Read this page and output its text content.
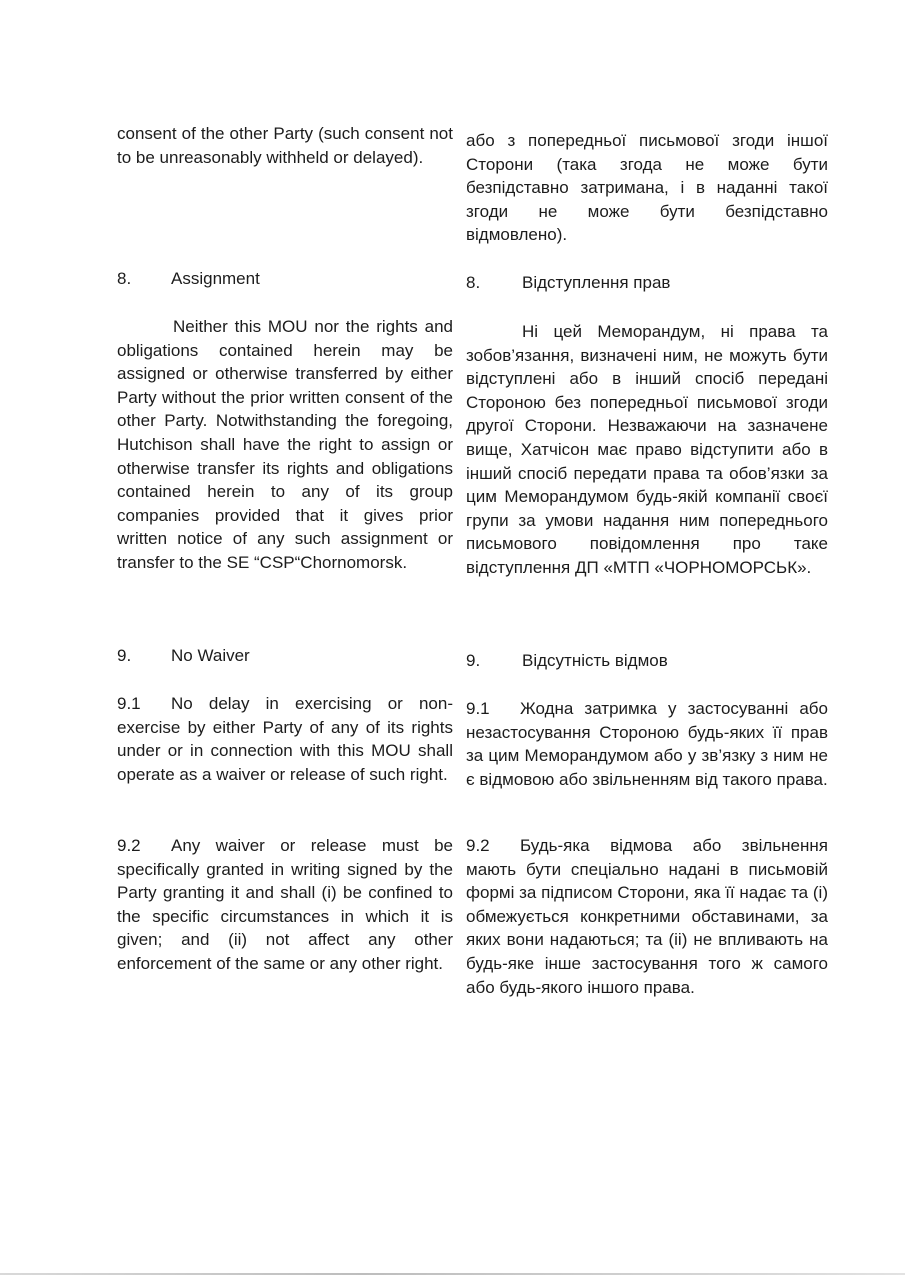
consent of the other Party (such consent not to be unreasonably withheld or delayed).

8.	Assignment

Neither this MOU nor the rights and obligations contained herein may be assigned or otherwise transferred by either Party without the prior written consent of the other Party. Notwithstanding the foregoing, Hutchison shall have the right to assign or otherwise transfer its rights and obligations contained herein to any of its group companies provided that it gives prior written notice of any such assignment or transfer to the SE “CSP“Chornomorsk.

9.	No Waiver

9.1 No delay in exercising or non-exercise by either Party of any of its rights under or in connection with this MOU shall operate as a waiver or release of such right.

9.2 Any waiver or release must be specifically granted in writing signed by the Party granting it and shall (i) be confined to the specific circumstances in which it is given; and (ii) not affect any other enforcement of the same or any other right.

або з попередньої письмової згоди іншої Сторони (така згода не може бути безпідставно затримана, і в наданні такої згоди не може бути безпідставно відмовлено).

8.	Відступлення прав

Ні цей Меморандум, ні права та зобов’язання, визначені ним, не можуть бути відступлені або в інший спосіб передані Стороною без попередньої письмової згоди другої Сторони. Незважаючи на зазначене вище, Хатчісон має право відступити або в інший спосіб передати права та обов’язки за цим Меморандумом будь-якій компанії своєї групи за умови надання ним попереднього письмового повідомлення про таке відступлення ДП «МТП «ЧОРНОМОРСЬК».

9.	Відсутність відмов

9.1 Жодна затримка у застосуванні або незастосування Стороною будь-яких її прав за цим Меморандумом або у зв’язку з ним не є відмовою або звільненням від такого права.

9.2 Будь-яка відмова або звільнення мають бути спеціально надані в письмовій формі за підписом Сторони, яка її надає та (i) обмежується конкретними обставинами, за яких вони надаються; та (ii) не впливають на будь-яке інше застосування того ж самого або будь-якого іншого права.
